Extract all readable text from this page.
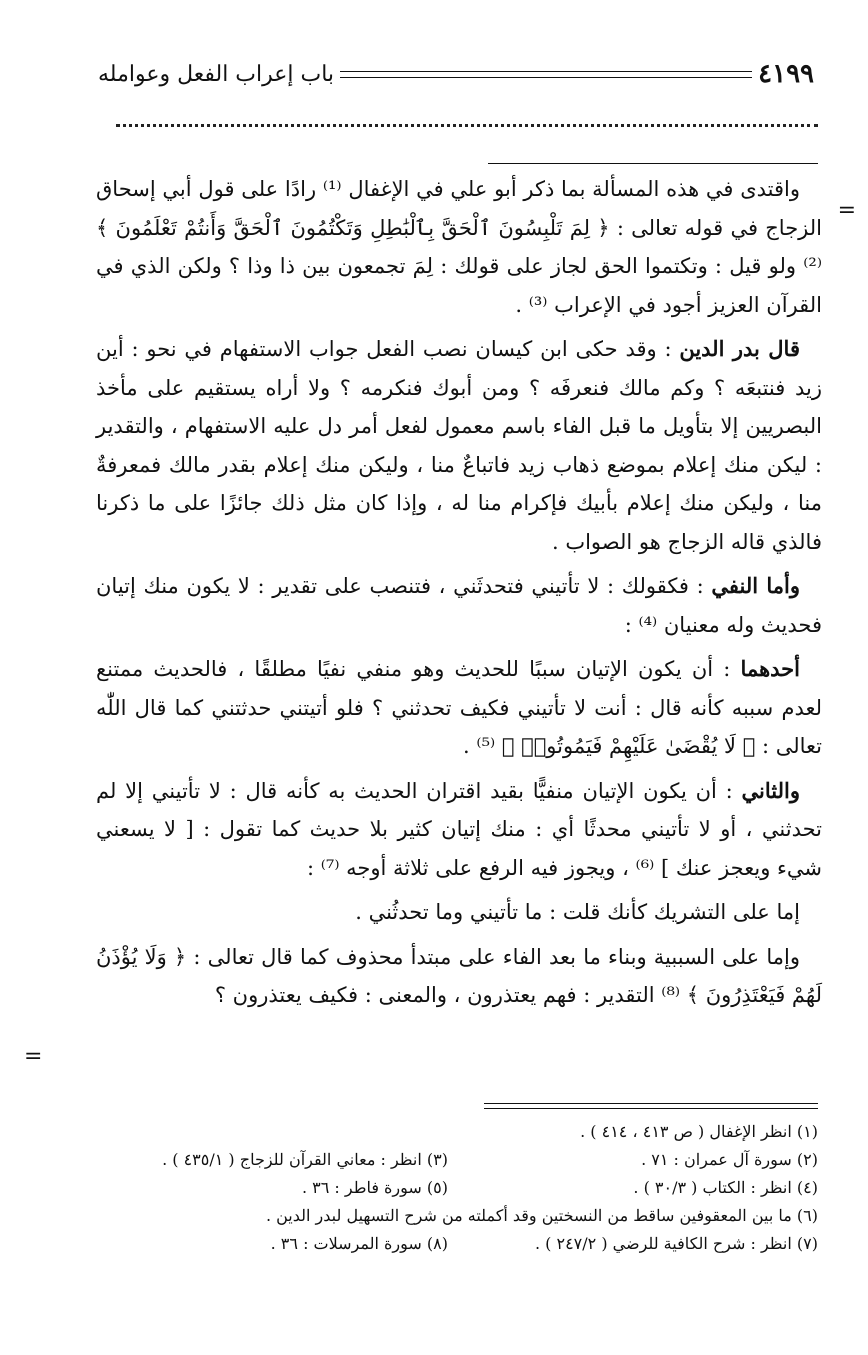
باب إعراب الفعل وعوامله	٤١٩٩
=

واقتدى في هذه المسألة بما ذكر أبو علي في الإغفال ⁽¹⁾ رادًا على قول أبي إسحاق الزجاج في قوله تعالى : ﴿ لِمَ تَلْبِسُونَ ٱلْحَقَّ بِٱلْبَٰطِلِ وَتَكْتُمُونَ ٱلْحَقَّ وَأَنتُمْ تَعْلَمُونَ ﴾ ⁽²⁾ ولو قيل : وتكتموا الحق لجاز على قولك : لِمَ تجمعون بين ذا وذا ؟ ولكن الذي في القرآن العزيز أجود في الإعراب ⁽³⁾ .

قال بدر الدين : وقد حكى ابن كيسان نصب الفعل جواب الاستفهام في نحو : أين زيد فنتبعَه ؟ وكم مالك فنعرفَه ؟ ومن أبوك فنكرمه ؟ ولا أراه يستقيم على مأخذ البصريين إلا بتأويل ما قبل الفاء باسم معمول لفعل أمر دل عليه الاستفهام ، والتقدير : ليكن منك إعلام بموضع ذهاب زيد فاتباعٌ منا ، وليكن منك إعلام بقدر مالك فمعرفةٌ منا ، وليكن منك إعلام بأبيك فإكرام منا له ، وإذا كان مثل ذلك جائزًا على ما ذكرنا فالذي قاله الزجاج هو الصواب .

وأما النفي : فكقولك : لا تأتيني فتحدثَني ، فتنصب على تقدير : لا يكون منك إتيان فحديث وله معنيان ⁽⁴⁾ :

أحدهما : أن يكون الإتيان سببًا للحديث وهو منفي نفيًا مطلقًا ، فالحديث ممتنع لعدم سببه كأنه قال : أنت لا تأتيني فكيف تحدثني ؟ فلو أتيتني حدثتني كما قال اللّٰه تعالى : ﴿ لَا يُقْضَىٰ عَلَيْهِمْ فَيَمُوتُوا۟ ﴾ ⁽⁵⁾ .

والثاني : أن يكون الإتيان منفيًّا بقيد اقتران الحديث به كأنه قال : لا تأتيني إلا لم تحدثني ، أو لا تأتيني محدثًا أي : منك إتيان كثير بلا حديث كما تقول : [ لا يسعني شيء ويعجز عنك ] ⁽⁶⁾ ، ويجوز فيه الرفع على ثلاثة أوجه ⁽⁷⁾ :

إما على التشريك كأنك قلت : ما تأتيني وما تحدثُني .

وإما على السببية وبناء ما بعد الفاء على مبتدأ محذوف كما قال تعالى : ﴿ وَلَا يُؤْذَنُ لَهُمْ فَيَعْتَذِرُونَ ﴾ ⁽⁸⁾ التقدير : فهم يعتذرون ، والمعنى : فكيف يعتذرون ؟

=
(١) انظر الإغفال ( ص ٤١٣ ، ٤١٤ ) .
(٢) سورة آل عمران : ٧١ .
(٣) انظر : معاني القرآن للزجاج ( ٤٣٥/١ ) .
(٤) انظر : الكتاب ( ٣٠/٣ ) .
(٥) سورة فاطر : ٣٦ .
(٦) ما بين المعقوفين ساقط من النسختين وقد أكملته من شرح التسهيل لبدر الدين .
(٧) انظر : شرح الكافية للرضي ( ٢٤٧/٢ ) .
(٨) سورة المرسلات : ٣٦ .
